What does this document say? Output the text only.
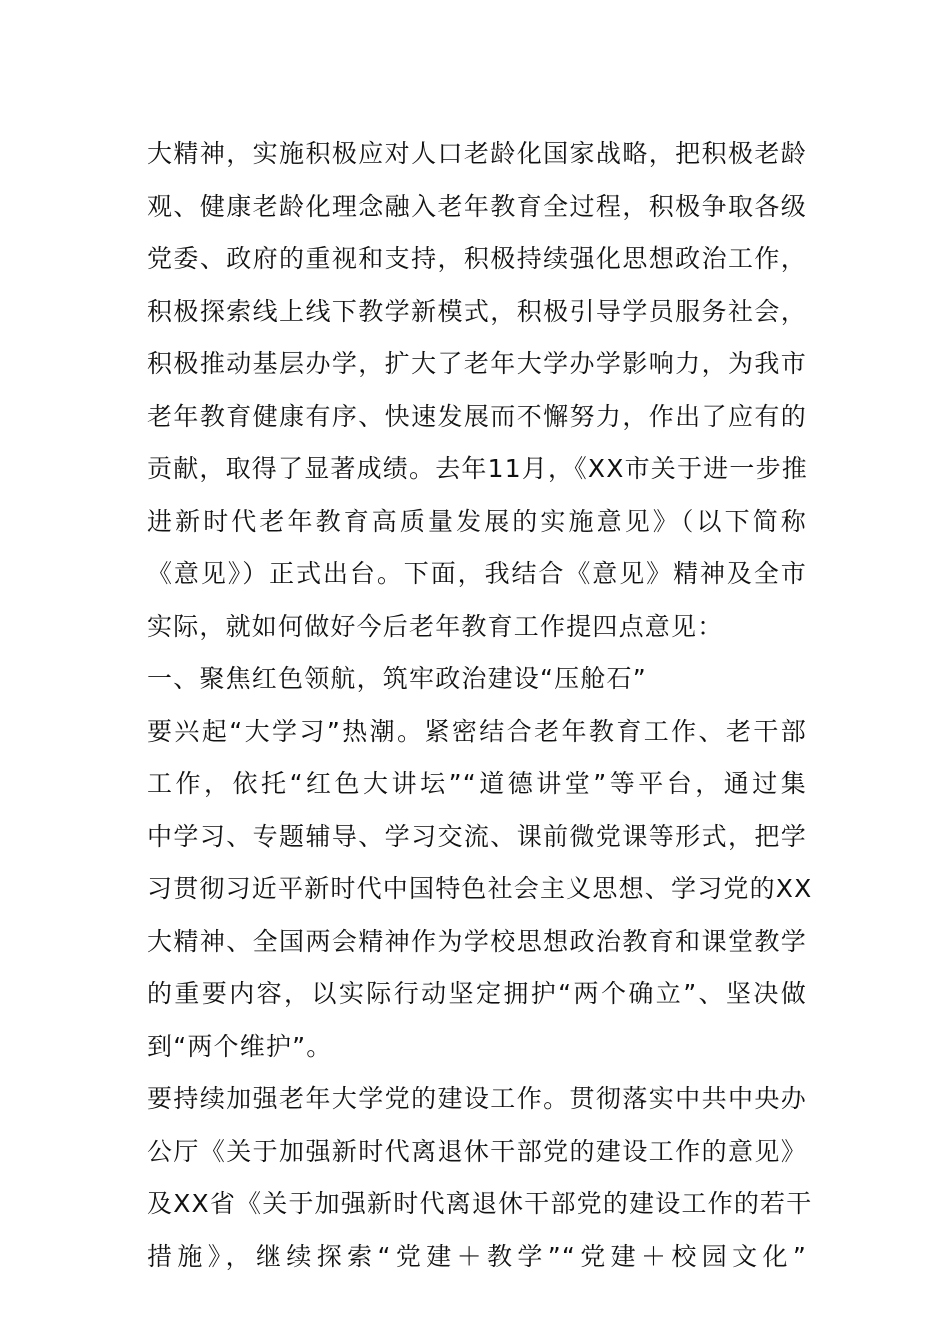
大精神，实施积极应对人口老龄化国家战略，把积极老龄
观、健康老龄化理念融入老年教育全过程，积极争取各级
党委、政府的重视和支持，积极持续强化思想政治工作，
积极探索线上线下教学新模式，积极引导学员服务社会，
积极推动基层办学，扩大了老年大学办学影响力，为我市
老年教育健康有序、快速发展而不懈努力，作出了应有的
贡献，取得了显著成绩。去年11月，《XX市关于进一步推
进新时代老年教育高质量发展的实施意见》（以下简称
《意见》）正式出台。下面，我结合《意见》精神及全市
实际，就如何做好今后老年教育工作提四点意见：
一、聚焦红色领航，筑牢政治建设“压舱石”
要兴起“大学习”热潮。紧密结合老年教育工作、老干部
工作，依托“红色大讲坛”“道德讲堂”等平台，通过集
中学习、专题辅导、学习交流、课前微党课等形式，把学
习贯彻习近平新时代中国特色社会主义思想、学习党的XX
大精神、全国两会精神作为学校思想政治教育和课堂教学
的重要内容，以实际行动坚定拥护“两个确立”、坚决做
到“两个维护”。
要持续加强老年大学党的建设工作。贯彻落实中共中央办
公厅《关于加强新时代离退休干部党的建设工作的意见》
及XX省《关于加强新时代离退休干部党的建设工作的若干
措施》，继续探索“党建＋教学”“党建＋校园文化”
